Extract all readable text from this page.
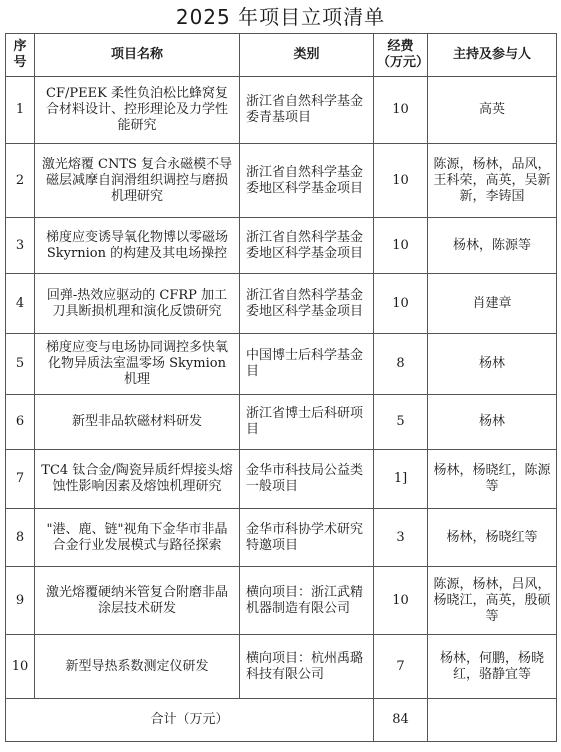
2025 年项目立项清单
序号	项目名称	类别	经费（万元）	主持及参与人
1	CF/PEEK 柔性负泊松比蜂窝复合材料设计、控形理论及力学性能研究	浙江省自然科学基金委青基项目	10	高英
2	激光熔覆 CNTS 复合永磁模不导磁层减摩自润滑组织调控与磨损机理研究	浙江省自然科学基金委地区科学基金项目	10	陈源，杨林，品风，王科荣，高英，吴新新，李铸国
3	梯度应变诱导氧化物博以零磁场 Skyrnion 的构建及其电场操控	浙江省自然科学基金委地区科学基金项目	10	杨林，陈源等
4	回弹-热效应驱动的 CFRP 加工刀具断损机理和演化反馈研究	浙江省自然科学基金委地区科学基金项目	10	肖建章
5	梯度应变与电场协同调控多快氧 化物异质法室温零场 Skymion 机理	中国博士后科学基金目	8	杨林
6	新型非品软磁材料研发	浙江省博士后科研项目	5	杨林
7	TC4 钛合金/陶瓷异质纤焊接头熔蚀性影响因素及熔蚀机理研究	金华市科技局公益类一般项目	1]	杨林，杨晓红，陈源等
8	"港、鹿、链"视角下金华市非晶合金行业发展模式与路径探索	金华市科协学术研究特邀项目	3	杨林，杨晓红等
9	激光熔覆硬纳米管复合附磨非晶涂层技术研发	横向项目：浙江武精机器制造有限公司	10	陈源，杨林，吕风， 杨晓江，高英，殷硕等
10	新型导热系数测定仪研发	横向项目：杭州禹璐科技有限公司	7	杨林，何鹏，杨晓红，骆静宜等
合计（万元）			84	
